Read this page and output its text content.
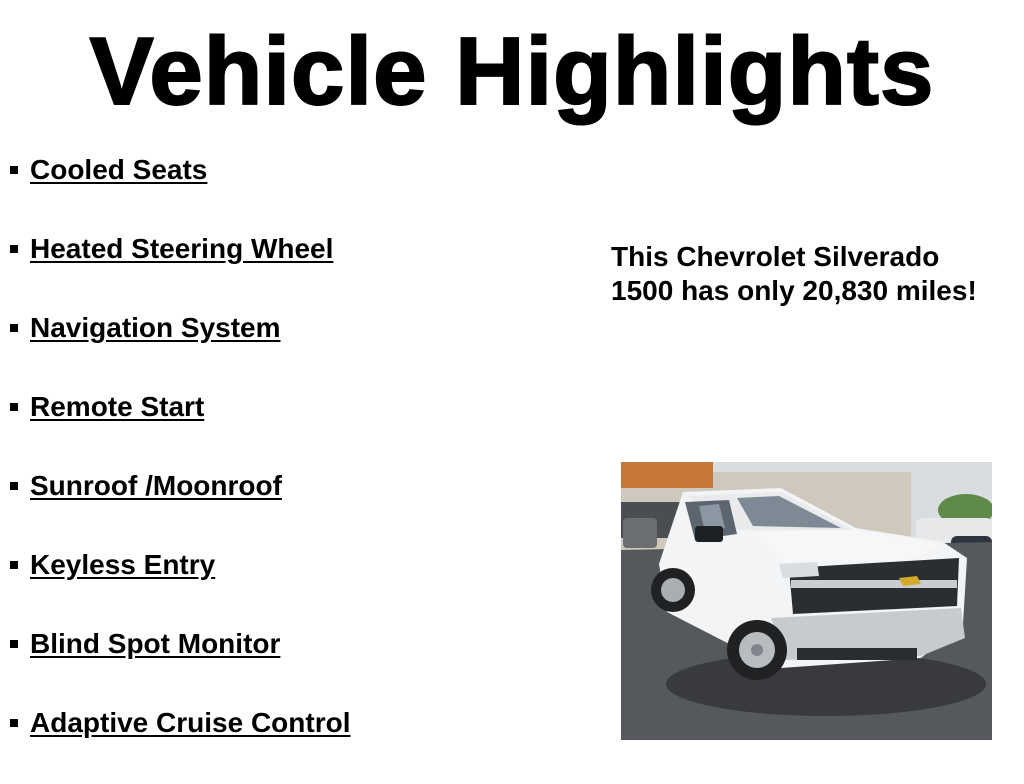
Vehicle Highlights
Cooled Seats
Heated Steering Wheel
Navigation System
Remote Start
Sunroof /Moonroof
Keyless Entry
Blind Spot Monitor
Adaptive Cruise Control
This Chevrolet Silverado 1500 has only 20,830 miles!
